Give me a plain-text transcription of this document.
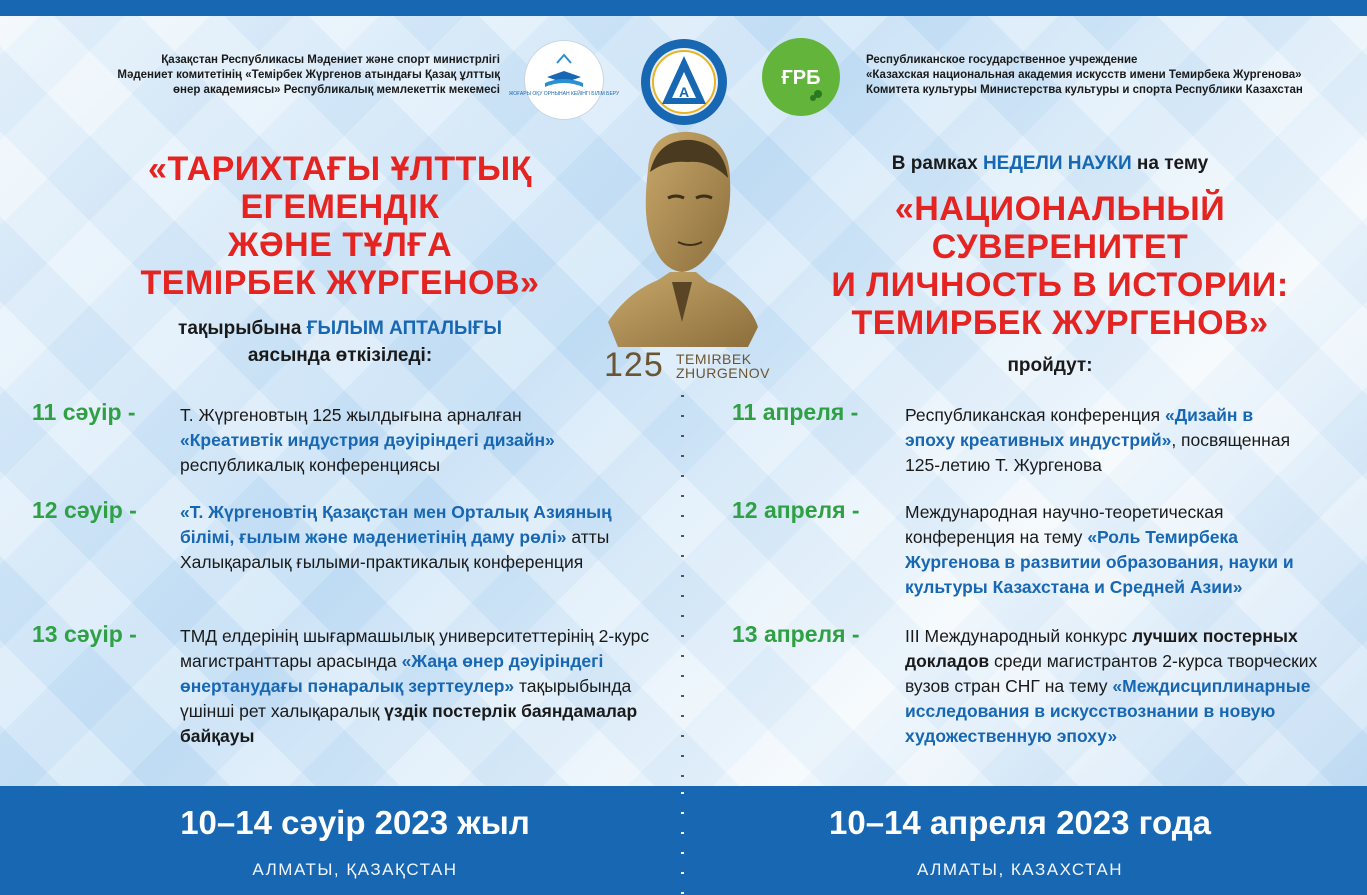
Қазақстан Республикасы Мәдениет және спорт министрлігі
Мәдениет комитетінің «Темірбек Жүргенов атындағы Қазақ ұлттық
өнер академиясы» Республикалық мемлекеттік мекемесі
Республиканское государственное учреждение
«Казахская национальная академия искусств имени Темирбека Жургенова»
Комитета культуры Министерства культуры и спорта Республики Казахстан
ЖОҒАРЫ ОҚУ ОРНЫНАН КЕЙІНГІ БІЛІМ БЕРУ	A
ҒРБ
«ТАРИХТАҒЫ ҰЛТТЫҚ
ЕГЕМЕНДІК
ЖӘНЕ ТҰЛҒА
ТЕМІРБЕК ЖҮРГЕНОВ»
тақырыбына ҒЫЛЫМ АПТАЛЫҒЫ
аясында өткізіледі:
В рамках НЕДЕЛИ НАУКИ на тему
«НАЦИОНАЛЬНЫЙ
СУВЕРЕНИТЕТ
И ЛИЧНОСТЬ В ИСТОРИИ:
ТЕМИРБЕК ЖУРГЕНОВ»
пройдут:
125 TEMIRBEK
ZHURGENOV
11 сәуір -	Т. Жүргеновтың 125 жылдығына арналған
«Креативтік индустрия дәуіріндегі дизайн»
республикалық конференциясы
12 сәуір - «Т. Жүргеновтің Қазақстан мен Орталық Азияның білімі, ғылым және мәдениетінің даму рөлі» атты Халықаралық ғылыми-практикалық конференция
13 сәуір - ТМД елдерінің шығармашылық университеттерінің 2-курс магистранттары арасында «Жаңа өнер дәуіріндегі өнертанудағы пәнаралық зерттеулер» тақырыбында үшінші рет халықаралық үздік постерлік баяндамалар байқауы
11 апреля -	Республиканская конференция «Дизайн в эпоху креативных индустрий», посвященная 125-летию Т. Жургенова
12 апреля -	Международная научно-теоретическая конференция на тему «Роль Темирбека Жургенова в развитии образования, науки и культуры Казахстана и Средней Азии»
13 апреля -	III Международный конкурс лучших постерных докладов среди магистрантов 2-курса творческих вузов стран СНГ на тему «Междисциплинарные исследования в искусствознании в новую художественную эпоху»
10–14 сәуір 2023 жыл
АЛМАТЫ, ҚАЗАҚСТАН
10–14 апреля 2023 года
АЛМАТЫ, КАЗАХСТАН
